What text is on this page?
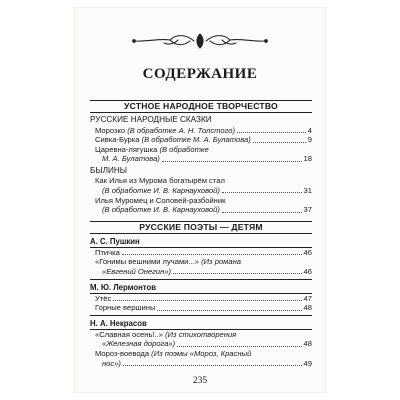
СОДЕРЖАНИЕ
УСТНОЕ НАРОДНОЕ ТВОРЧЕСТВО
РУССКИЕ НАРОДНЫЕ СКАЗКИ
Морозко (В обработке А. Н. Толстого)	4
Сивка-Бурка (В обработке М. А. Булатова)	9
Царевна-лягушка (В обработке
М. А. Булатова)	18
БЫЛИНЫ
Как Илья из Мурома богатырём стал
(В обработке И. В. Карнауховой)	31
Илья Муромец и Соловей-разбойник
(В обработке И. В. Карнауховой)	37
РУССКИЕ ПОЭТЫ — ДЕТЯМ
А. С. Пушкин
Птичка	46
«Гонимы вешними лучами...» (Из романа
«Евгений Онегин»)	46
М. Ю. Лермонтов
Утёс	47
Горные вершины	48
Н. А. Некрасов
«Славная осень!..» (Из стихотворения
«Железная дорога»)	48
Мороз-воевода (Из поэмы «Мороз, Красный
нос»)	49
235
